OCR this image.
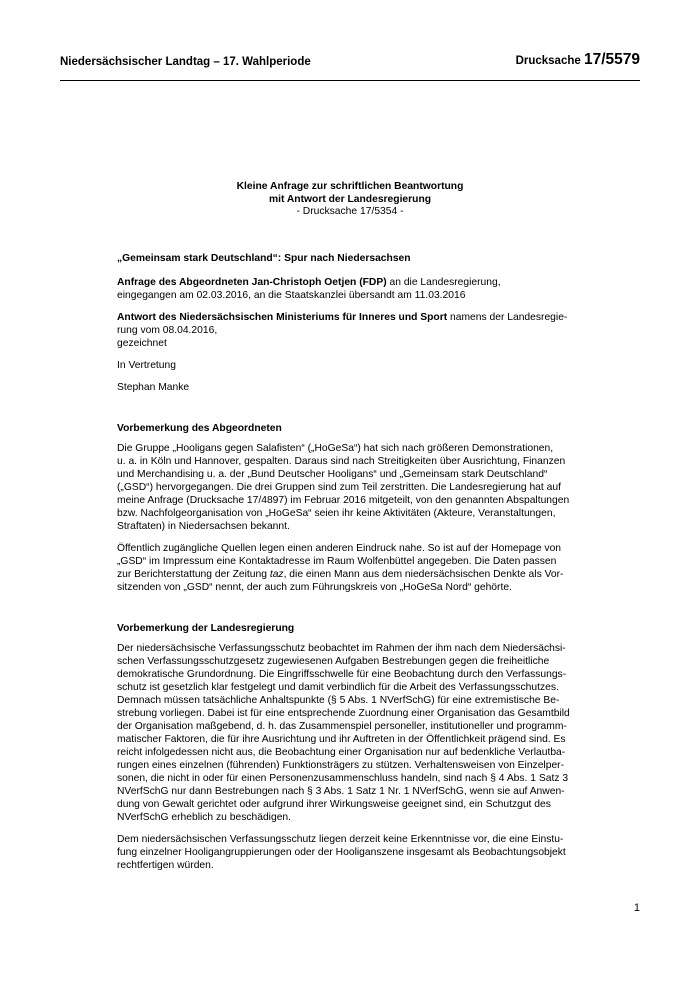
Niedersächsischer Landtag – 17. Wahlperiode	Drucksache 17/5579
Kleine Anfrage zur schriftlichen Beantwortung
mit Antwort der Landesregierung
- Drucksache 17/5354 -

„Gemeinsam stark Deutschland“: Spur nach Niedersachsen

Anfrage des Abgeordneten Jan-Christoph Oetjen (FDP) an die Landesregierung,
eingegangen am 02.03.2016, an die Staatskanzlei übersandt am 11.03.2016

Antwort des Niedersächsischen Ministeriums für Inneres und Sport namens der Landesregie-
rung vom 08.04.2016,
gezeichnet

In Vertretung

Stephan Manke

Vorbemerkung des Abgeordneten

Die Gruppe „Hooligans gegen Salafisten“ („HoGeSa“) hat sich nach größeren Demonstrationen,
u. a. in Köln und Hannover, gespalten. Daraus sind nach Streitigkeiten über Ausrichtung, Finanzen
und Merchandising u. a. der „Bund Deutscher Hooligans“ und „Gemeinsam stark Deutschland“
(„GSD“) hervorgegangen. Die drei Gruppen sind zum Teil zerstritten. Die Landesregierung hat auf
meine Anfrage (Drucksache 17/4897) im Februar 2016 mitgeteilt, von den genannten Abspaltungen
bzw. Nachfolgeorganisation von „HoGeSa“ seien ihr keine Aktivitäten (Akteure, Veranstaltungen,
Straftaten) in Niedersachsen bekannt.
Öffentlich zugängliche Quellen legen einen anderen Eindruck nahe. So ist auf der Homepage von
„GSD“ im Impressum eine Kontaktadresse im Raum Wolfenbüttel angegeben. Die Daten passen
zur Berichterstattung der Zeitung taz, die einen Mann aus dem niedersächsischen Denkte als Vor-
sitzenden von „GSD“ nennt, der auch zum Führungskreis von „HoGeSa Nord“ gehörte.

Vorbemerkung der Landesregierung

Der niedersächsische Verfassungsschutz beobachtet im Rahmen der ihm nach dem Niedersächsi-
schen Verfassungsschutzgesetz zugewiesenen Aufgaben Bestrebungen gegen die freiheitliche
demokratische Grundordnung. Die Eingriffsschwelle für eine Beobachtung durch den Verfassungs-
schutz ist gesetzlich klar festgelegt und damit verbindlich für die Arbeit des Verfassungsschutzes.
Demnach müssen tatsächliche Anhaltspunkte (§ 5 Abs. 1 NVerfSchG) für eine extremistische Be-
strebung vorliegen. Dabei ist für eine entsprechende Zuordnung einer Organisation das Gesamtbild
der Organisation maßgebend, d. h. das Zusammenspiel personeller, institutioneller und programm-
matischer Faktoren, die für ihre Ausrichtung und ihr Auftreten in der Öffentlichkeit prägend sind. Es
reicht infolgedessen nicht aus, die Beobachtung einer Organisation nur auf bedenkliche Verlautba-
rungen eines einzelnen (führenden) Funktionsträgers zu stützen. Verhaltensweisen von Einzelper-
sonen, die nicht in oder für einen Personenzusammenschluss handeln, sind nach § 4 Abs. 1 Satz 3
NVerfSchG nur dann Bestrebungen nach § 3 Abs. 1 Satz 1 Nr. 1 NVerfSchG, wenn sie auf Anwen-
dung von Gewalt gerichtet oder aufgrund ihrer Wirkungsweise geeignet sind, ein Schutzgut des
NVerfSchG erheblich zu beschädigen.
Dem niedersächsischen Verfassungsschutz liegen derzeit keine Erkenntnisse vor, die eine Einstu-
fung einzelner Hooligangruppierungen oder der Hooliganszene insgesamt als Beobachtungsobjekt
rechtfertigen würden.
1
